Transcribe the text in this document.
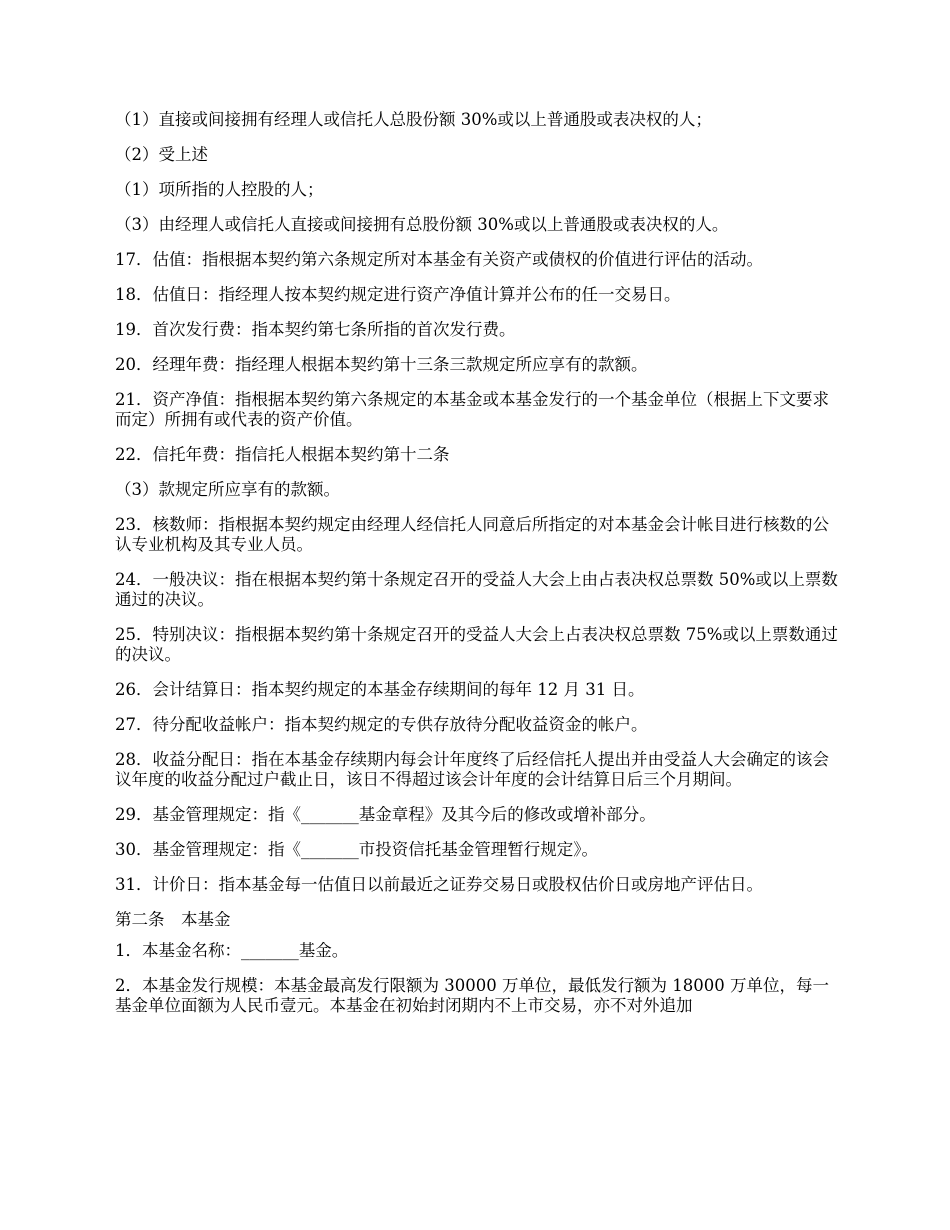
（1）直接或间接拥有经理人或信托人总股份额 30%或以上普通股或表决权的人；

（2）受上述

（1）项所指的人控股的人；

（3）由经理人或信托人直接或间接拥有总股份额 30%或以上普通股或表决权的人。

17．估值：指根据本契约第六条规定所对本基金有关资产或债权的价值进行评估的活动。

18．估值日：指经理人按本契约规定进行资产净值计算并公布的任一交易日。

19．首次发行费：指本契约第七条所指的首次发行费。

20．经理年费：指经理人根据本契约第十三条三款规定所应享有的款额。

21．资产净值：指根据本契约第六条规定的本基金或本基金发行的一个基金单位（根据上下文要求而定）所拥有或代表的资产价值。

22．信托年费：指信托人根据本契约第十二条

（3）款规定所应享有的款额。

23．核数师：指根据本契约规定由经理人经信托人同意后所指定的对本基金会计帐目进行核数的公认专业机构及其专业人员。

24．一般决议：指在根据本契约第十条规定召开的受益人大会上由占表决权总票数 50%或以上票数通过的决议。

25．特别决议：指根据本契约第十条规定召开的受益人大会上占表决权总票数 75%或以上票数通过的决议。

26．会计结算日：指本契约规定的本基金存续期间的每年 12 月 31 日。

27．待分配收益帐户：指本契约规定的专供存放待分配收益资金的帐户。

28．收益分配日：指在本基金存续期内每会计年度终了后经信托人提出并由受益人大会确定的该会议年度的收益分配过户截止日，该日不得超过该会计年度的会计结算日后三个月期间。

29．基金管理规定：指《_______基金章程》及其今后的修改或增补部分。

30．基金管理规定：指《_______市投资信托基金管理暂行规定》。

31．计价日：指本基金每一估值日以前最近之证券交易日或股权估价日或房地产评估日。

第二条　本基金

1．本基金名称：_______基金。

2．本基金发行规模：本基金最高发行限额为 30000 万单位，最低发行额为 18000 万单位，每一基金单位面额为人民币壹元。本基金在初始封闭期内不上市交易，亦不对外追加
